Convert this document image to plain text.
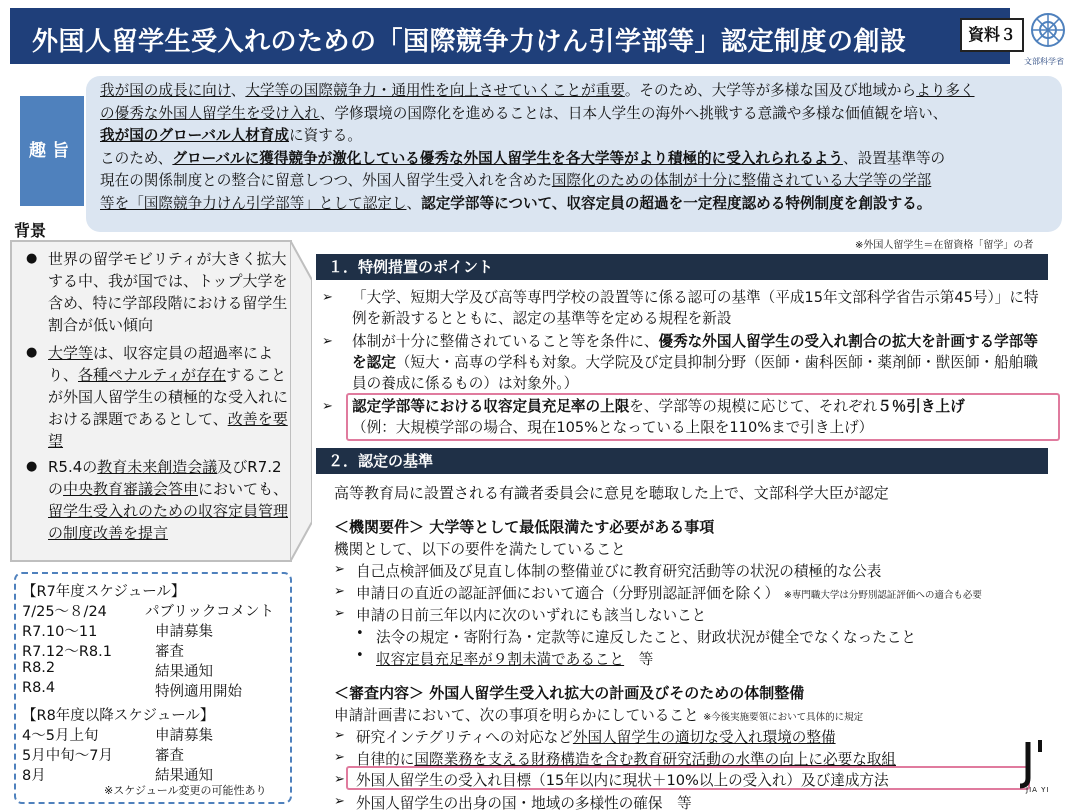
外国人留学生受入れのための「国際競争力けん引学部等」認定制度の創設	資料３
文部科学省
趣旨
我が国の成長に向け、大学等の国際競争力・通用性を向上させていくことが重要。そのため、大学等が多様な国及び地域からより多く
の優秀な外国人留学生を受け入れ、学修環境の国際化を進めることは、日本人学生の海外へ挑戦する意識や多様な価値観を培い、
我が国のグローバル人材育成に資する。
このため、グローバルに獲得競争が激化している優秀な外国人留学生を各大学等がより積極的に受入れられるよう、設置基準等の
現在の関係制度との整合に留意しつつ、外国人留学生受入れを含めた国際化のための体制が十分に整備されている大学等の学部
等を「国際競争力けん引学部等」として認定し、認定学部等について、収容定員の超過を一定程度認める特例制度を創設する。
※外国人留学生＝在留資格「留学」の者
背景
● 世界の留学モビリティが大きく拡大する中、我が国では、トップ大学を含め、特に学部段階における留学生割合が低い傾向
● 大学等は、収容定員の超過率により、各種ペナルティが存在することが外国人留学生の積極的な受入れにおける課題であるとして、改善を要望
● R5.4の教育未来創造会議及びR7.2の中央教育審議会答申においても、留学生受入れのための収容定員管理の制度改善を提言
【R7年度スケジュール】
7/25～８/24	パブリックコメント
R7.10～11	申請募集
R7.12～R8.1	審査
R8.2	結果通知
R8.4	特例適用開始
【R8年度以降スケジュール】
4～5月上旬	申請募集
5月中旬～7月	審査
8月	結果通知
※スケジュール変更の可能性あり
１．特例措置のポイント
➢ 「大学、短期大学及び高等専門学校の設置等に係る認可の基準（平成15年文部科学省告示第45号）」に特例を新設するとともに、認定の基準等を定める規程を新設
➢ 体制が十分に整備されていること等を条件に、優秀な外国人留学生の受入れ割合の拡大を計画する学部等を認定（短大・高専の学科も対象。大学院及び定員抑制分野（医師・歯科医師・薬剤師・獣医師・船舶職員の養成に係るもの）は対象外。）
➢ 認定学部等における収容定員充足率の上限を、学部等の規模に応じて、それぞれ５％引き上げ
（例：大規模学部の場合、現在105%となっている上限を110%まで引き上げ）
２．認定の基準
高等教育局に設置される有識者委員会に意見を聴取した上で、文部科学大臣が認定
＜機関要件＞ 大学等として最低限満たす必要がある事項
機関として、以下の要件を満たしていること
➢ 自己点検評価及び見直し体制の整備並びに教育研究活動等の状況の積極的な公表
➢ 申請日の直近の認証評価において適合（分野別認証評価を除く） ※専門職大学は分野別認証評価への適合も必要
➢ 申請の日前三年以内に次のいずれにも該当しないこと
• 法令の規定・寄附行為・定款等に違反したこと、財政状況が健全でなくなったこと
• 収容定員充足率が９割未満であること　等
＜審査内容＞ 外国人留学生受入れ拡大の計画及びそのための体制整備
申請計画書において、次の事項を明らかにしていること ※今後実施要領において具体的に規定
➢ 研究インテグリティへの対応など外国人留学生の適切な受入れ環境の整備
➢ 自律的に国際業務を支える財務構造を含む教育研究活動の水準の向上に必要な取組
➢ 外国人留学生の受入れ目標（15年以内に現状＋10%以上の受入れ）及び達成方法
➢ 外国人留学生の出身の国・地域の多様性の確保　等
JIA YI
